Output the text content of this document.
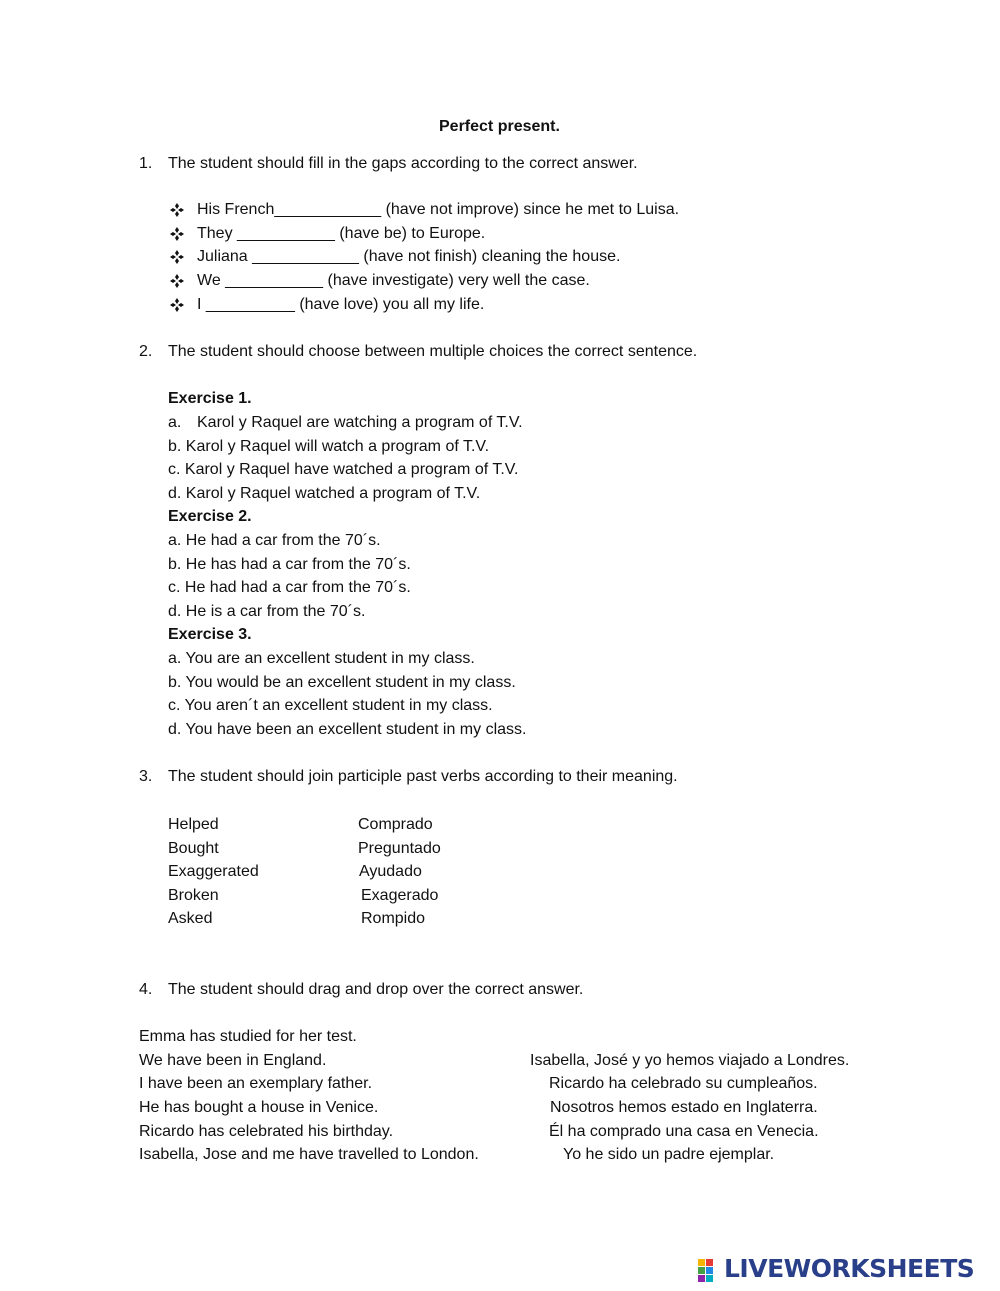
Perfect present.
1. The student should fill in the gaps according to the correct answer.
His French____________ (have not improve) since he met to Luisa.
They ___________ (have be) to Europe.
Juliana ____________ (have not finish) cleaning the house.
We ___________ (have investigate) very well the case.
I __________ (have love) you all my life.
2. The student should choose between multiple choices the correct sentence.
Exercise 1.
a. Karol y Raquel are watching a program of T.V.
b. Karol y Raquel will watch a program of T.V.
c. Karol y Raquel have watched a program of T.V.
d. Karol y Raquel watched a program of T.V.
Exercise 2.
a. He had a car from the 70´s.
b. He has had a car from the 70´s.
c. He had had a car from the 70´s.
d. He is a car from the 70´s.
Exercise 3.
a. You are an excellent student in my class.
b. You would be an excellent student in my class.
c. You aren´t an excellent student in my class.
d. You have been an excellent student in my class.
3. The student should join participle past verbs according to their meaning.
Helped
Bought
Exaggerated
Broken
Asked
Comprado
Preguntado
Ayudado
Exagerado
Rompido
4. The student should drag and drop over the correct answer.
Emma has studied for her test.
We have been in England.
I have been an exemplary father.
He has bought a house in Venice.
Ricardo has celebrated his birthday.
Isabella, Jose and me have travelled to London.
Isabella, José y yo hemos viajado a Londres.
Ricardo ha celebrado su cumpleaños.
Nosotros hemos estado en Inglaterra.
Él ha comprado una casa en Venecia.
Yo he sido un padre ejemplar.
LIVEWORKSHEETS
